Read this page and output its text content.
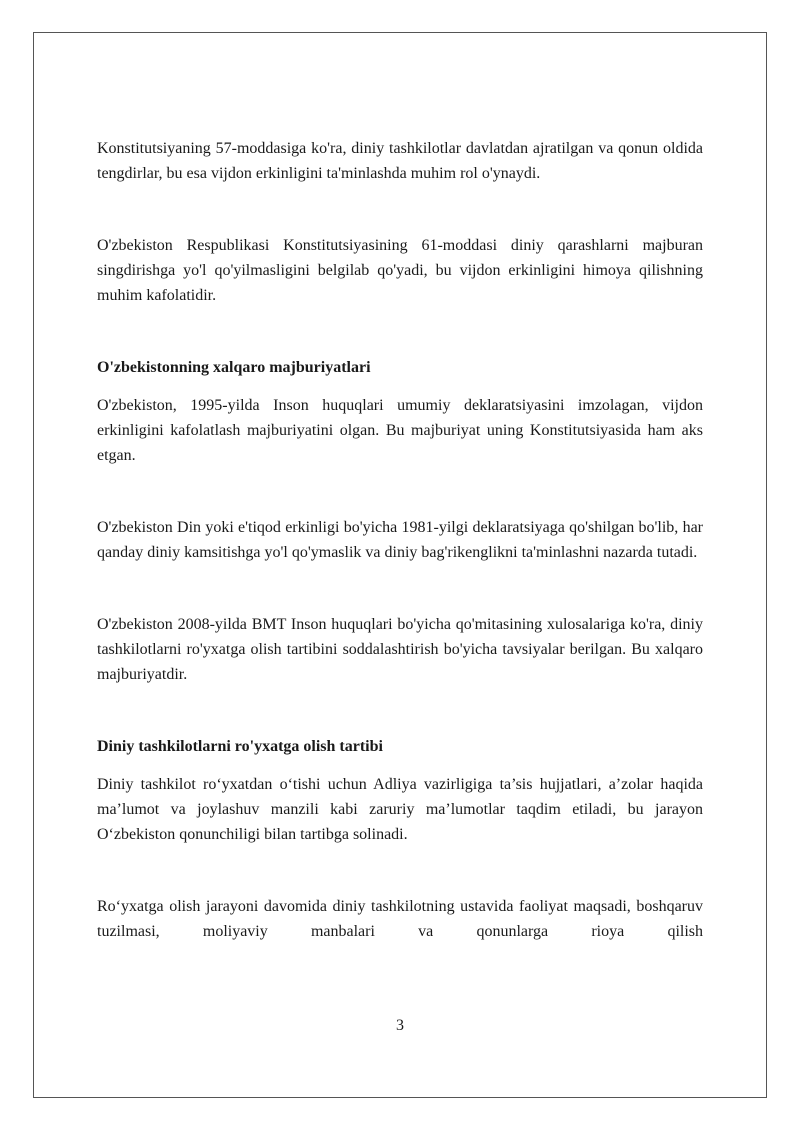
Konstitutsiyaning 57-moddasiga ko'ra, diniy tashkilotlar davlatdan ajratilgan va qonun oldida tengdirlar, bu esa vijdon erkinligini ta'minlashda muhim rol o'ynaydi.

O'zbekiston Respublikasi Konstitutsiyasining 61-moddasi diniy qarashlarni majburan singdirishga yo'l qo'yilmasligini belgilab qo'yadi, bu vijdon erkinligini himoya qilishning muhim kafolatidir.

O'zbekistonning xalqaro majburiyatlari

O'zbekiston, 1995-yilda Inson huquqlari umumiy deklaratsiyasini imzolagan, vijdon erkinligini kafolatlash majburiyatini olgan. Bu majburiyat uning Konstitutsiyasida ham aks etgan.

O'zbekiston Din yoki e'tiqod erkinligi bo'yicha 1981-yilgi deklaratsiyaga qo'shilgan bo'lib, har qanday diniy kamsitishga yo'l qo'ymaslik va diniy bag'rikenglikni ta'minlashni nazarda tutadi.

O'zbekiston 2008-yilda BMT Inson huquqlari bo'yicha qo'mitasining xulosalariga ko'ra, diniy tashkilotlarni ro'yxatga olish tartibini soddalashtirish bo'yicha tavsiyalar berilgan. Bu xalqaro majburiyatdir.

Diniy tashkilotlarni ro'yxatga olish tartibi

Diniy tashkilot ro‘yxatdan o‘tishi uchun Adliya vazirligiga ta’sis hujjatlari, a’zolar haqida ma’lumot va joylashuv manzili kabi zaruriy ma’lumotlar taqdim etiladi, bu jarayon O‘zbekiston qonunchiligi bilan tartibga solinadi.

Ro‘yxatga olish jarayoni davomida diniy tashkilotning ustavida faoliyat maqsadi, boshqaruv tuzilmasi, moliyaviy manbalari va qonunlarga rioya qilish

3
